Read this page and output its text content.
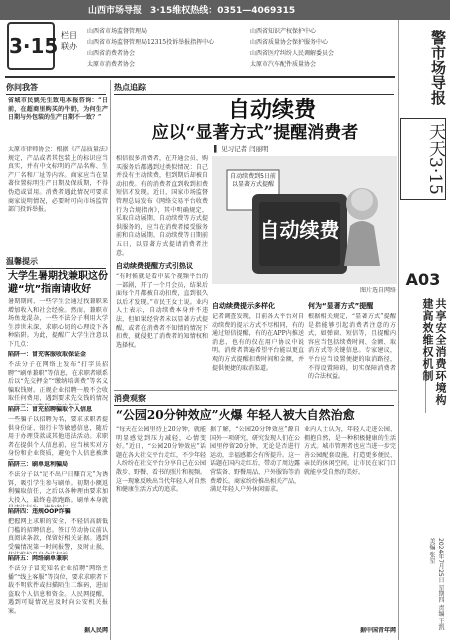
山西市场导报 3·15维权热线：0351—4069315
3·15 栏目
联办
山西省市场监督管理局
山西省市场监督管理局12315投诉举报指挥中心
山西省消费者协会
太原市消费者协会
山西省知识产权保护中心
山西省质量协会保护服务中心
山西省医疗纠纷人民调解委员会
太原市汽车配件质量协会	警市场导报
天天3·15
A03
共享安全消费环境构建高效维权机制
2024年7月25日 星期四 责编 王凯 美编 张星
你问我答
省城市民姚先生致电本报咨询：“日前，在超商里购买的牛奶，为何生产日期与外包装的生产日期不一致？”
太原市律师协会：根据《产品质量法》规定，产品或者其包装上的标识应当真实，并有中文标明的产品名称、生产厂名和厂址等内容。商家应当在显著位置标明生产日期及保质期，不得伪造或冒用。消费者遇此情况可要求商家说明情况，必要时可向市场监管部门投诉举报。
温馨提示
大学生暑期找兼职这份避“坑”指南请收好
暑期期间，一些学生会通过找兼职来增加收入和社会经验。然而，兼职市场鱼龙混杂，一些不法分子利用大学生涉世未深、求职心切的心理设下各种陷阱。为此，提醒广大学生注意以下几点：
陷阱一：冒充客服收取保证金
不法分子在网络上发布“打字员招聘”“刷单兼职”等信息，在求职者联系后以“先交押金”“缴纳培训费”等名义骗取钱财。正规企业招聘一般不会收取任何费用，遇到要求先交钱的情况
陷阱二：冒充招聘骗取个人信息
一些骗子以招聘为名，要求求职者提供身份证、银行卡等敏感信息，随后用于办理贷款或其他违法活动。求职者在提供个人信息前，应当核实对方身份和企业资质，避免个人信息被泄
陷阱三：刷单返利骗局
不法分子以“足不出户日赚百元”为诱饵，吸引学生参与刷单。初期小额返利骗取信任，之后以各种理由要求加大投入，最终卷款跑路。刷单本身就
陷阱四：违规OOP诈骗
把握网上求职的安全，不轻信高薪低门槛的招聘信息。签订劳动协议前认真阅读条款，保留好相关证据。遇到受骗情况第一时间报警，及时止损，
陷阱五：网络刷单兼职
不法分子冒充知名企业招聘“网络主播”“线上客服”等岗位，要求求职者下载不明软件或扫描陌生二维码，进而盗取个人信息和资金。人民网提醒，遇到可疑情况应及时向公安机关报案。
据人民网
热点追踪
自动续费
应以“显著方式”提醒消费者
▌ 见习记者 闫丽明
相信很多消费者，在开通会员、购买服务后都遇到过类似情况：自己并没有主动续费，但到期后却被自动扣费。有的消费者直到收到扣费短信才发现。近日，国家市场监督管理总局发布《网络交易平台收费行为合规指南》，其中明确规定，采取自动展期、自动续费等方式提供服务的，应当在消费者接受服务前和自动展期、自动续费等日期前五日，以显著方式提请消费者注意。
自动续费到5日前以显著方式提醒
自动续费
图片选自网络
自动续费提醒方式引热议
“有时候就是看中某个视频平台的一部剧，开了一个月会员，结果后面每个月都被自动扣费，直到很久以后才发现。”市民王女士说。业内人士表示，自动续费本身并不违法，但如果经营者未以显著方式提醒，或者在消费者不知情的情况下扣费，就侵犯了消费者的知情权和选择权。
自动续费提示多样化
记者调查发现，目前各大平台对自动续费的提示方式不尽相同，有的通过短信提醒，有的在APP内推送消息，也有的仅在用户协议中说明。消费者普遍希望平台能以更直观的方式提醒扣费时间和金额，并提供便捷的取消渠道。
何为“显著方式”提醒
根据相关规定，“显著方式”提醒是指能够引起消费者注意的方式，如弹窗、短信等，且提醒内容应当包括续费时间、金额、取消方式等关键信息。专家建议，平台应当设置便捷的取消路径，不得设置障碍，切实保障消费者的合法权益。
消费观察
“公园20分钟效应”火爆 年轻人被大自然治愈
“每天在公园里待上20分钟，就能明显感觉到压力减轻，心情变好。”近日，“公园20分钟效应”话题在各大社交平台走红，不少年轻人纷纷在社交平台分享自己在公园散步、野餐、看书的照片和视频。这一现象反映出当代年轻人对自然和健康生活方式的追求。
据了解，“公园20分钟效应”源自国外一项研究，研究发现人们在公园里停留20分钟，无论是否进行运动，幸福感都会有所提升。这一话题在国内走红后，带动了周边露营装备、野餐用品、户外服饰等消费增长。商家纷纷推出相关产品，满足年轻人户外休闲需求。
业内人士认为，年轻人走进公园、拥抱自然，是一种积极健康的生活方式。城市管理者也应当进一步完善公园配套设施，打造更多便民、亲民的休闲空间，让市民在家门口就能享受自然的美好。
据中国青年网
